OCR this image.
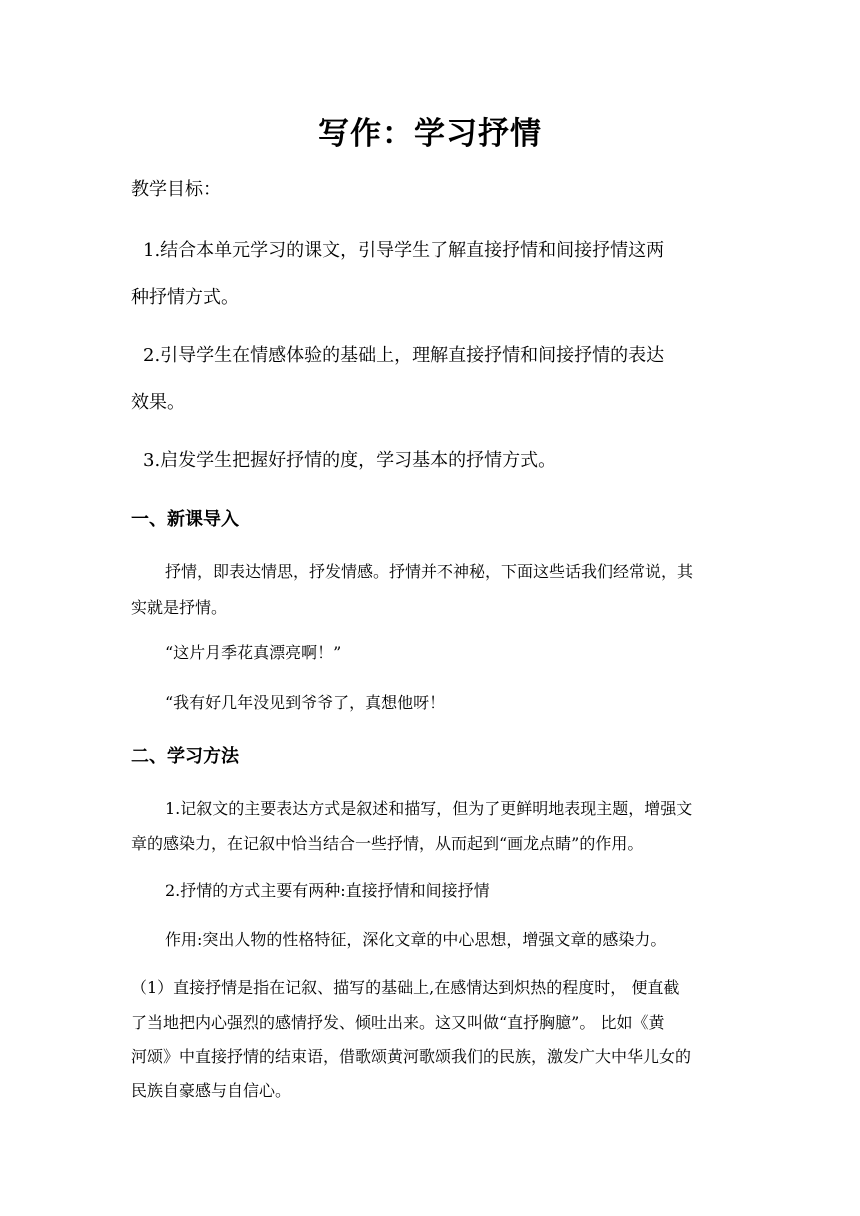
写作：学习抒情

教学目标：

1.结合本单元学习的课文，引导学生了解直接抒情和间接抒情这两

种抒情方式。

2.引导学生在情感体验的基础上，理解直接抒情和间接抒情的表达

效果。

3.启发学生把握好抒情的度，学习基本的抒情方式。

一、新课导入

抒情，即表达情思，抒发情感。抒情并不神秘，下面这些话我们经常说，其

实就是抒情。

“这片月季花真漂亮啊！”

“我有好几年没见到爷爷了，真想他呀！

二、学习方法

1.记叙文的主要表达方式是叙述和描写，但为了更鲜明地表现主题，增强文

章的感染力，在记叙中恰当结合一些抒情，从而起到“画龙点睛”的作用。

2.抒情的方式主要有两种:直接抒情和间接抒情

作用:突出人物的性格特征，深化文章的中心思想，增强文章的感染力。

（1）直接抒情是指在记叙、描写的基础上,在感情达到炽热的程度时， 便直截

了当地把内心强烈的感情抒发、倾吐出来。这又叫做“直抒胸臆”。 比如《黄

河颂》中直接抒情的结束语，借歌颂黄河歌颂我们的民族，激发广大中华儿女的

民族自豪感与自信心。
